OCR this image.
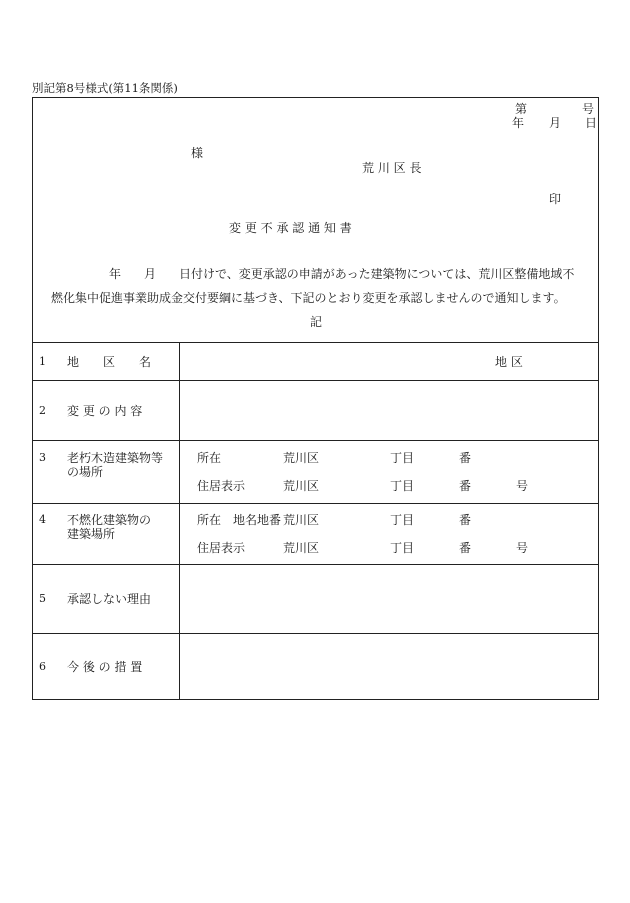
別記第8号様式(第11条関係)
第	号
年 月 日
様
荒 川 区 長
印
変 更 不 承 認 通 知 書
年 月 日付けで、変更承認の申請があった建築物については、荒川区整備地域不
燃化集中促進事業助成金交付要綱に基づき、下記のとおり変更を承認しませんので通知します。
記
1 地　　区　　名	地 区
2 変 更 の 内 容
3 老朽木造建築物等
の場所
所在	荒川区	丁目	番
住居表示	荒川区	丁目	番	号
4 不燃化建築物の
建築場所
所在　地名地番 荒川区	丁目	番
住居表示	荒川区	丁目	番	号
5 承認しない理由
6 今 後 の 措 置
